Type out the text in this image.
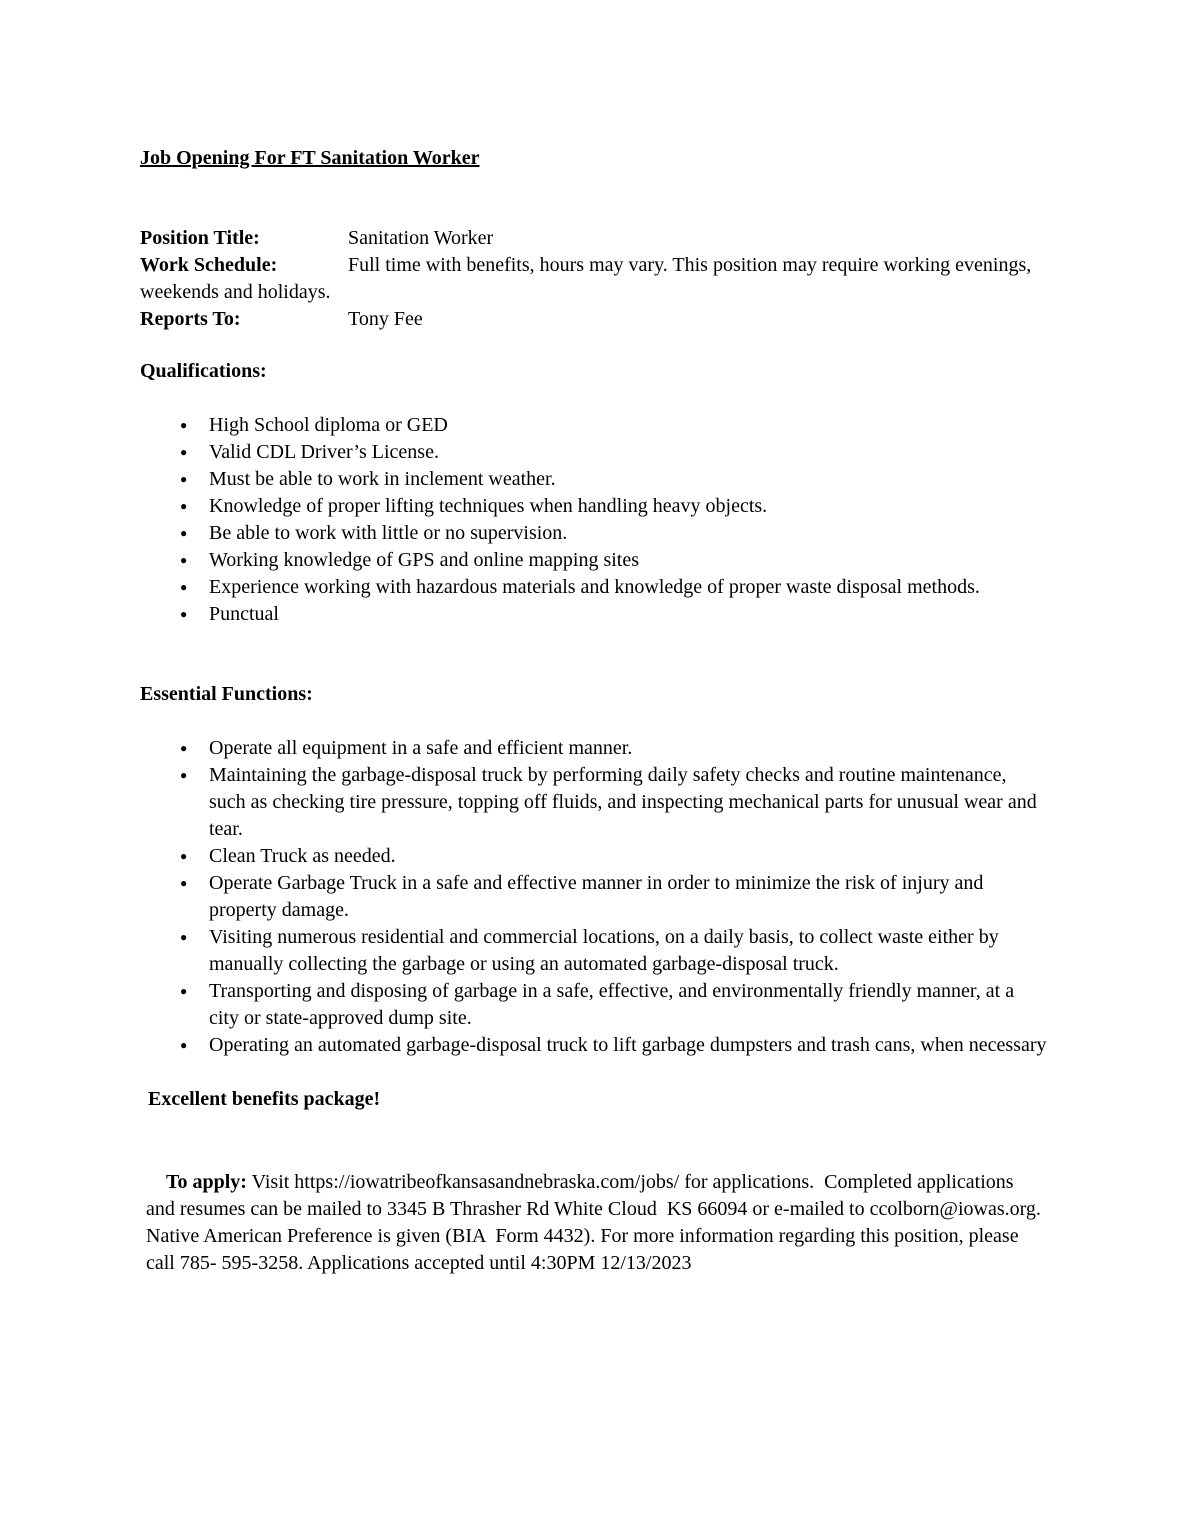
Job Opening For FT Sanitation Worker

Position Title:	Sanitation Worker

Work Schedule:	Full time with benefits, hours may vary. This position may require working evenings, weekends and holidays.

Reports To:	Tony Fee

Qualifications:

● High School diploma or GED
● Valid CDL Driver’s License.
● Must be able to work in inclement weather.
● Knowledge of proper lifting techniques when handling heavy objects.
● Be able to work with little or no supervision.
● Working knowledge of GPS and online mapping sites
● Experience working with hazardous materials and knowledge of proper waste disposal methods.
● Punctual

Essential Functions:

● Operate all equipment in a safe and efficient manner.
● Maintaining the garbage-disposal truck by performing daily safety checks and routine maintenance, such as checking tire pressure, topping off fluids, and inspecting mechanical parts for unusual wear and tear.
● Clean Truck as needed.
● Operate Garbage Truck in a safe and effective manner in order to minimize the risk of injury and property damage.
● Visiting numerous residential and commercial locations, on a daily basis, to collect waste either by manually collecting the garbage or using an automated garbage-disposal truck.
● Transporting and disposing of garbage in a safe, effective, and environmentally friendly manner, at a city or state-approved dump site.
● Operating an automated garbage-disposal truck to lift garbage dumpsters and trash cans, when necessary

Excellent benefits package!

To apply: Visit https://iowatribeofkansasandnebraska.com/jobs/ for applications.  Completed applications and resumes can be mailed to 3345 B Thrasher Rd White Cloud  KS 66094 or e-mailed to ccolborn@iowas.org. Native American Preference is given (BIA  Form 4432). For more information regarding this position, please call 785- 595-3258. Applications accepted until 4:30PM 12/13/2023
